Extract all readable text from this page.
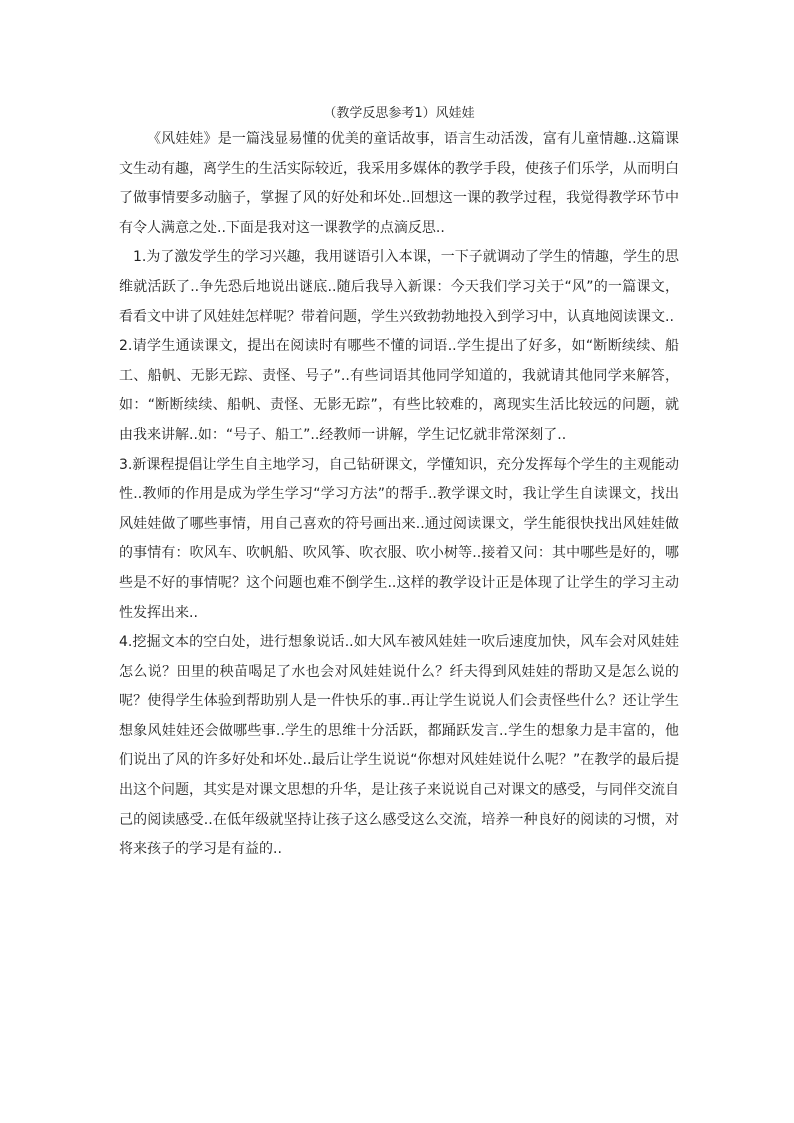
（教学反思参考1）风娃娃

《风娃娃》是一篇浅显易懂的优美的童话故事，语言生动活泼，富有儿童情趣..这篇课文生动有趣，离学生的生活实际较近，我采用多媒体的教学手段，使孩子们乐学，从而明白了做事情要多动脑子，掌握了风的好处和坏处..回想这一课的教学过程，我觉得教学环节中有令人满意之处..下面是我对这一课教学的点滴反思..

1.为了激发学生的学习兴趣，我用谜语引入本课，一下子就调动了学生的情趣，学生的思维就活跃了..争先恐后地说出谜底..随后我导入新课：今天我们学习关于“风”的一篇课文，看看文中讲了风娃娃怎样呢？带着问题，学生兴致勃勃地投入到学习中，认真地阅读课文..

2.请学生通读课文，提出在阅读时有哪些不懂的词语..学生提出了好多，如“断断续续、船工、船帆、无影无踪、责怪、号子”..有些词语其他同学知道的，我就请其他同学来解答，如：“断断续续、船帆、责怪、无影无踪”，有些比较难的，离现实生活比较远的问题，就由我来讲解..如：“号子、船工”..经教师一讲解，学生记忆就非常深刻了..

3.新课程提倡让学生自主地学习，自己钻研课文，学懂知识，充分发挥每个学生的主观能动性..教师的作用是成为学生学习“学习方法”的帮手..教学课文时，我让学生自读课文，找出风娃娃做了哪些事情，用自己喜欢的符号画出来..通过阅读课文，学生能很快找出风娃娃做的事情有：吹风车、吹帆船、吹风筝、吹衣服、吹小树等..接着又问：其中哪些是好的，哪些是不好的事情呢？这个问题也难不倒学生..这样的教学设计正是体现了让学生的学习主动性发挥出来..

4.挖掘文本的空白处，进行想象说话..如大风车被风娃娃一吹后速度加快，风车会对风娃娃怎么说？田里的秧苗喝足了水也会对风娃娃说什么？纤夫得到风娃娃的帮助又是怎么说的呢？使得学生体验到帮助别人是一件快乐的事..再让学生说说人们会责怪些什么？还让学生想象风娃娃还会做哪些事..学生的思维十分活跃，都踊跃发言..学生的想象力是丰富的，他们说出了风的许多好处和坏处..最后让学生说说“你想对风娃娃说什么呢？”在教学的最后提出这个问题，其实是对课文思想的升华，是让孩子来说说自己对课文的感受，与同伴交流自己的阅读感受..在低年级就坚持让孩子这么感受这么交流，培养一种良好的阅读的习惯，对将来孩子的学习是有益的..
